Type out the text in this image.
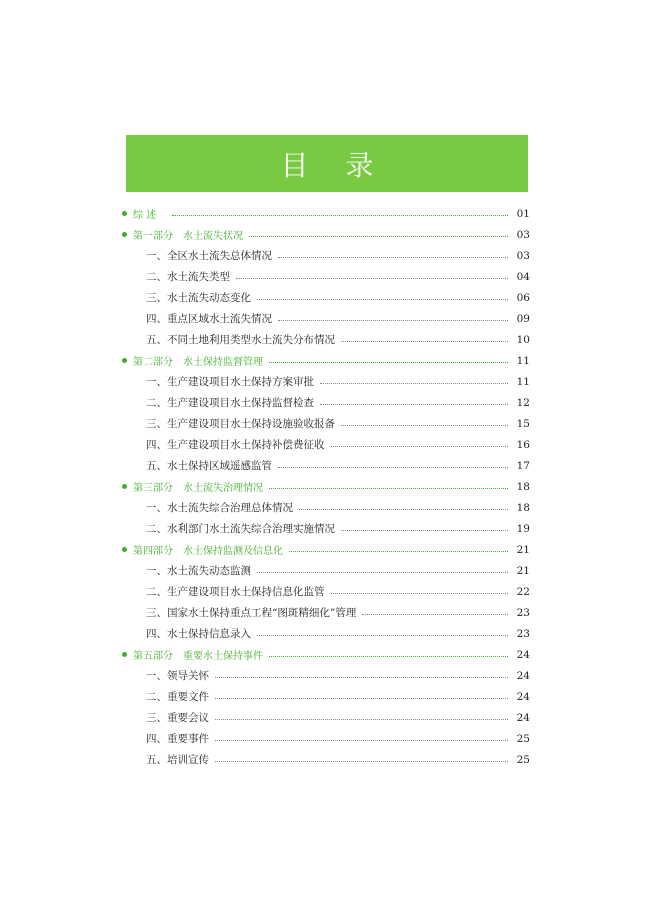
目 录
综 述	01
第一部分 水土流失状况	03
一、全区水土流失总体情况	03
二、水土流失类型	04
三、水土流失动态变化	06
四、重点区域水土流失情况	09
五、不同土地利用类型水土流失分布情况	10
第二部分 水土保持监督管理	11
一、生产建设项目水土保持方案审批	11
二、生产建设项目水土保持监督检查	12
三、生产建设项目水土保持设施验收报备	15
四、生产建设项目水土保持补偿费征收	16
五、水土保持区域遥感监管	17
第三部分 水土流失治理情况	18
一、水土流失综合治理总体情况	18
二、水利部门水土流失综合治理实施情况	19
第四部分 水土保持监测及信息化	21
一、水土流失动态监测	21
二、生产建设项目水土保持信息化监管	22
三、国家水土保持重点工程“图斑精细化”管理	23
四、水土保持信息录入	23
第五部分 重要水土保持事件	24
一、领导关怀	24
二、重要文件	24
三、重要会议	24
四、重要事件	25
五、培训宣传	25
